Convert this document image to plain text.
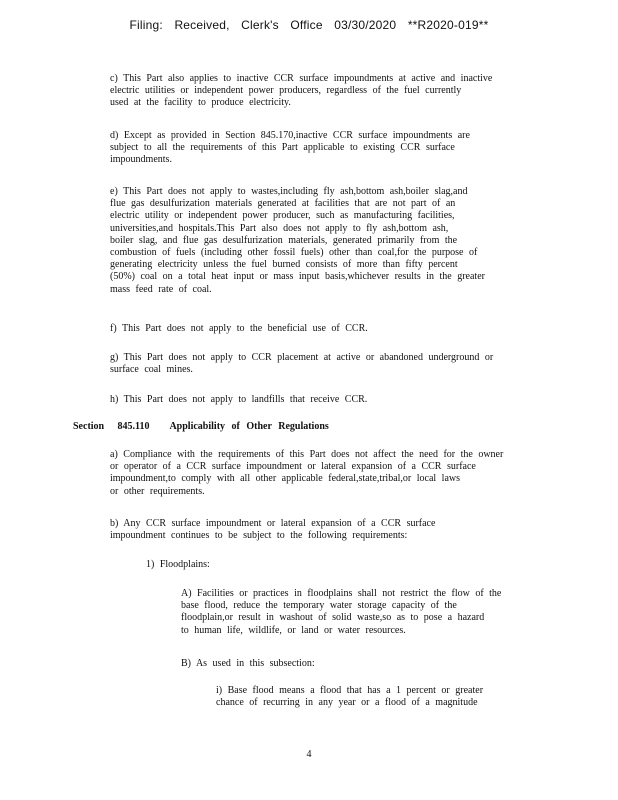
Filing: Received, Clerk's Office 03/30/2020 **R2020-019**
c) This Part also applies to inactive CCR surface impoundments at active and inactive
electric utilities or independent power producers, regardless of the fuel currently
used at the facility to produce electricity.
d) Except as provided in Section 845.170,inactive CCR surface impoundments are
subject to all the requirements of this Part applicable to existing CCR surface
impoundments.
e) This Part does not apply to wastes,including fly ash,bottom ash,boiler slag,and
flue gas desulfurization materials generated at facilities that are not part of an
electric utility or independent power producer, such as manufacturing facilities,
universities,and hospitals.This Part also does not apply to fly ash,bottom ash,
boiler slag, and flue gas desulfurization materials, generated primarily from the
combustion of fuels (including other fossil fuels) other than coal,for the purpose of
generating electricity unless the fuel burned consists of more than fifty percent
(50%) coal on a total heat input or mass input basis,whichever results in the greater
mass feed rate of coal.
f) This Part does not apply to the beneficial use of CCR.
g) This Part does not apply to CCR placement at active or abandoned underground or
surface coal mines.
h) This Part does not apply to landfills that receive CCR.
Section 845.110 Applicability of Other Regulations
a) Compliance with the requirements of this Part does not affect the need for the owner
or operator of a CCR surface impoundment or lateral expansion of a CCR surface
impoundment,to comply with all other applicable federal,state,tribal,or local laws
or other requirements.
b) Any CCR surface impoundment or lateral expansion of a CCR surface
impoundment continues to be subject to the following requirements:
1) Floodplains:
A) Facilities or practices in floodplains shall not restrict the flow of the
base flood, reduce the temporary water storage capacity of the
floodplain,or result in washout of solid waste,so as to pose a hazard
to human life, wildlife, or land or water resources.
B) As used in this subsection:
i) Base flood means a flood that has a 1 percent or greater
chance of recurring in any year or a flood of a magnitude
4
